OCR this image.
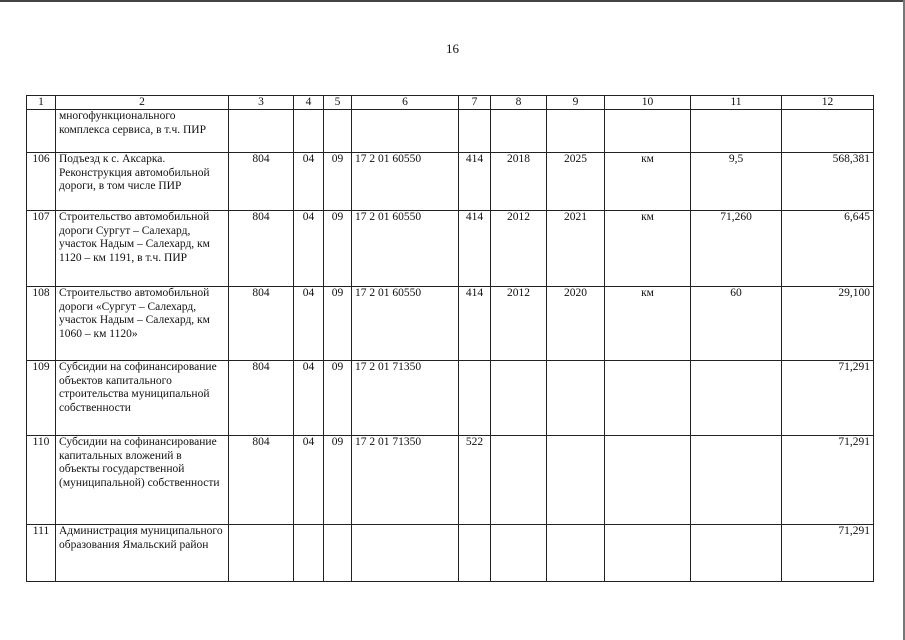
16
1	2	3	4	5	6	7	8	9	10	11	12
	многофункционального комплекса сервиса, в т.ч. ПИР										
106	Подъезд к с. Аксарка. Реконструкция автомобильной дороги, в том числе ПИР	804	04	09	17 2 01 60550	414	2018	2025	км	9,5	568,381
107	Строительство автомобильной дороги Сургут – Салехард, участок Надым – Салехард, км 1120 – км 1191, в т.ч. ПИР	804	04	09	17 2 01 60550	414	2012	2021	км	71,260	6,645
108	Строительство автомобильной дороги «Сургут – Салехард, участок Надым – Салехард, км 1060 – км 1120»	804	04	09	17 2 01 60550	414	2012	2020	км	60	29,100
109	Субсидии на софинансирование объектов капитального строительства муниципальной собственности	804	04	09	17 2 01 71350						71,291
110	Субсидии на софинансирование капитальных вложений в объекты государственной (муниципальной) собственности	804	04	09	17 2 01 71350	522					71,291
111	Администрация муниципального образования Ямальский район										71,291
